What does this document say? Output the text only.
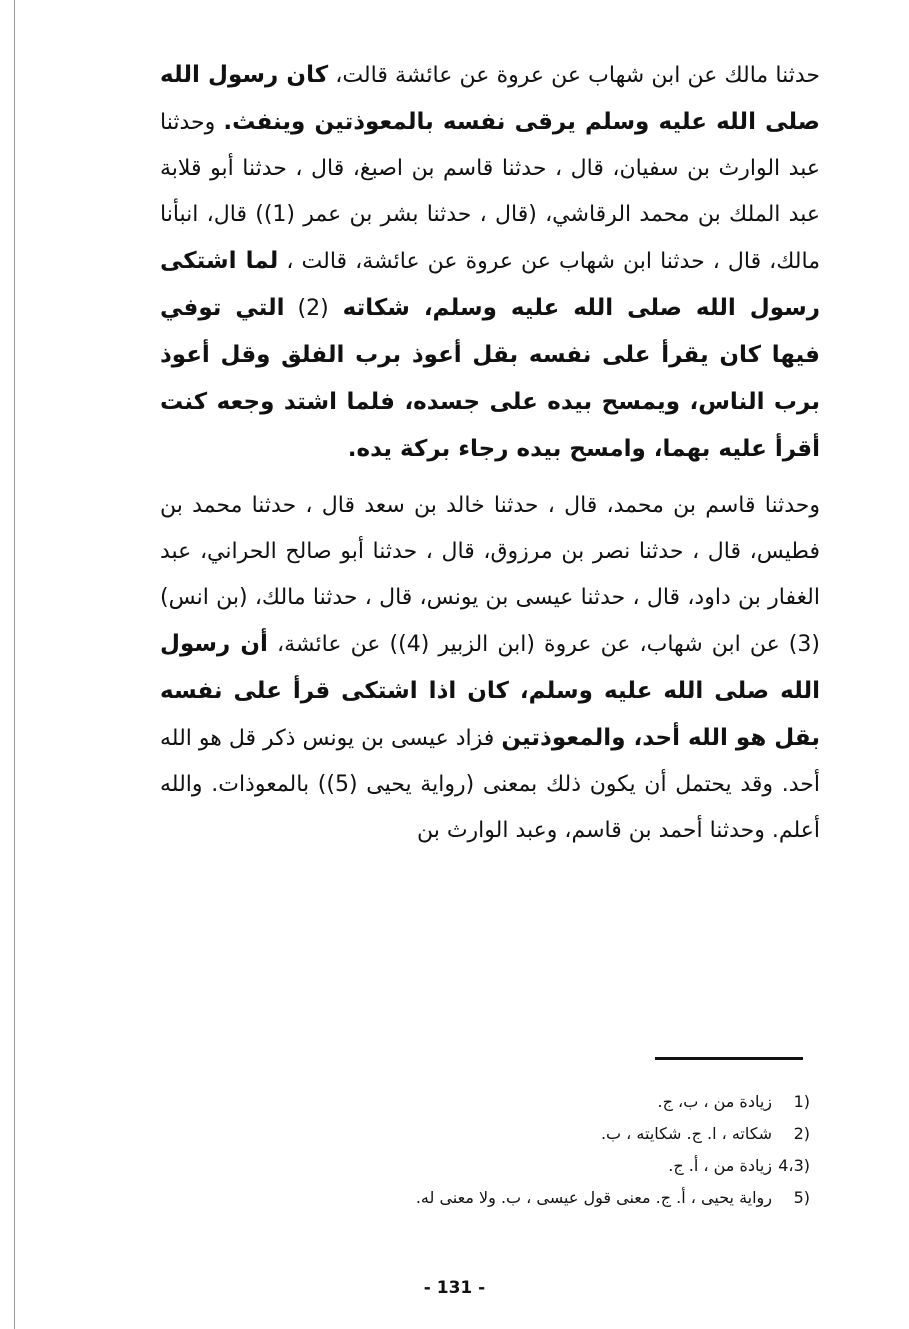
حدثنا مالك عن ابن شهاب عن عروة عن عائشة قالت، كان رسول الله صلى الله عليه وسلم يرقى نفسه بالمعوذتين وينفث. وحدثنا عبد الوارث بن سفيان، قال ، حدثنا قاسم بن اصبغ، قال ، حدثنا أبو قلابة عبد الملك بن محمد الرقاشي، (قال ، حدثنا بشر بن عمر (1)) قال، انبأنا مالك، قال ، حدثنا ابن شهاب عن عروة عن عائشة، قالت ، لما اشتكى رسول الله صلى الله عليه وسلم، شكاته (2) التي توفي فيها كان يقرأ على نفسه بقل أعوذ برب الفلق وقل أعوذ برب الناس، ويمسح بيده على جسده، فلما اشتد وجعه كنت أقرأ عليه بهما، وامسح بيده رجاء بركة يده.

وحدثنا قاسم بن محمد، قال ، حدثنا خالد بن سعد قال ، حدثنا محمد بن فطيس، قال ، حدثنا نصر بن مرزوق، قال ، حدثنا أبو صالح الحراني، عبد الغفار بن داود، قال ، حدثنا عيسى بن يونس، قال ، حدثنا مالك، (بن انس) (3) عن ابن شهاب، عن عروة (ابن الزبير (4)) عن عائشة، أن رسول الله صلى الله عليه وسلم، كان اذا اشتكى قرأ على نفسه بقل هو الله أحد، والمعوذتين فزاد عيسى بن يونس ذكر قل هو الله أحد. وقد يحتمل أن يكون ذلك بمعنى (رواية يحيى (5)) بالمعوذات. والله أعلم. وحدثنا أحمد بن قاسم، وعبد الوارث بن

1)
زيادة من ، ب، ج.
2)
شكاته ، ا. ج. شكايته ، ب.
4،3)
زيادة من ، أ. ج.
5)
رواية يحيى ، أ. ج. معنى قول عيسى ، ب. ولا معنى له.
- 131 -
